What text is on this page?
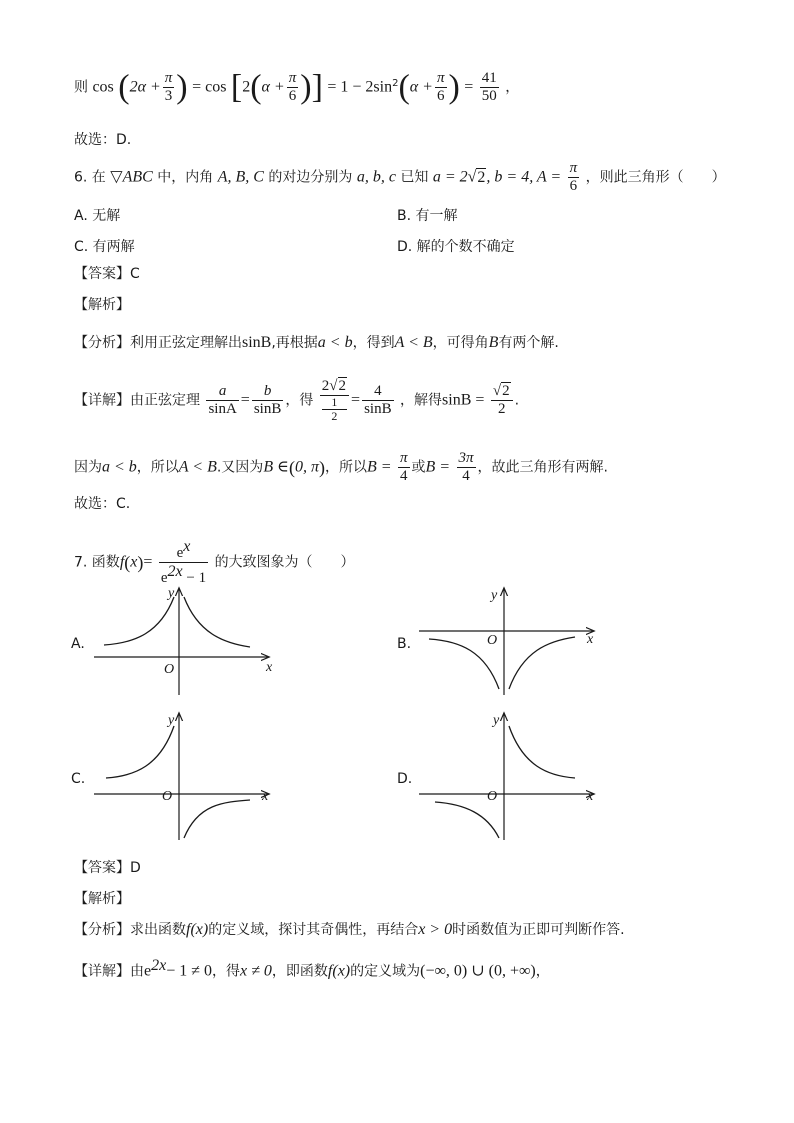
则 $\cos (2\alpha + \frac{\pi}{3}$ ) = $\cos [2(\alpha + \frac{\pi}{6}$ )] = $1 - 2\sin^2(\alpha + \frac{\pi}{6}$ ) = $\frac{41}{50}$ ，
故选：D.
6. 在 ▽ABC 中，内角 A, B, C 的对边分别为 a, b, c 已知 a = 2√2, b = 4, $A = \frac{\pi}{6}$ ，则此三角形（　　）
A. 无解	B. 有一解
C. 有两解	D. 解的个数不确定
【答案】C
【解析】
【分析】利用正弦定理解出sinB,再根据a < b，得到A < B，可得角B有两个解.
【详解】由正弦定理 $\frac{a}{\sin A} = \frac{b}{\sin B}$ ，得 2√2
1
$2 = \frac{4}{\sin B}$ ，解得$\sin B = \frac{√2}{2}$ .
因为a < b，所以A < B.又因为B ∈(0, π)，所以$B = \frac{\pi}{4}$ 或$B = \frac{3\pi}{4}$ ，故此三角形有两解.
故选：C.
7. 函数$f(x)= \frac{e^x}{e^{2x} - 1}$ 的大致图象为（　　）
A.	B.
C.	D.
x
y
O
x
y
O
x
y
O	x
y
O
【答案】D
【解析】
【分析】求出函数f(x)的定义域，探讨其奇偶性，再结合x > 0时函数值为正即可判断作答.
【详解】由$e^{2x}- 1 \ne 0$，得x ≠ 0，即函数f(x)的定义域为(−∞, 0) ∪ (0, +∞)，
